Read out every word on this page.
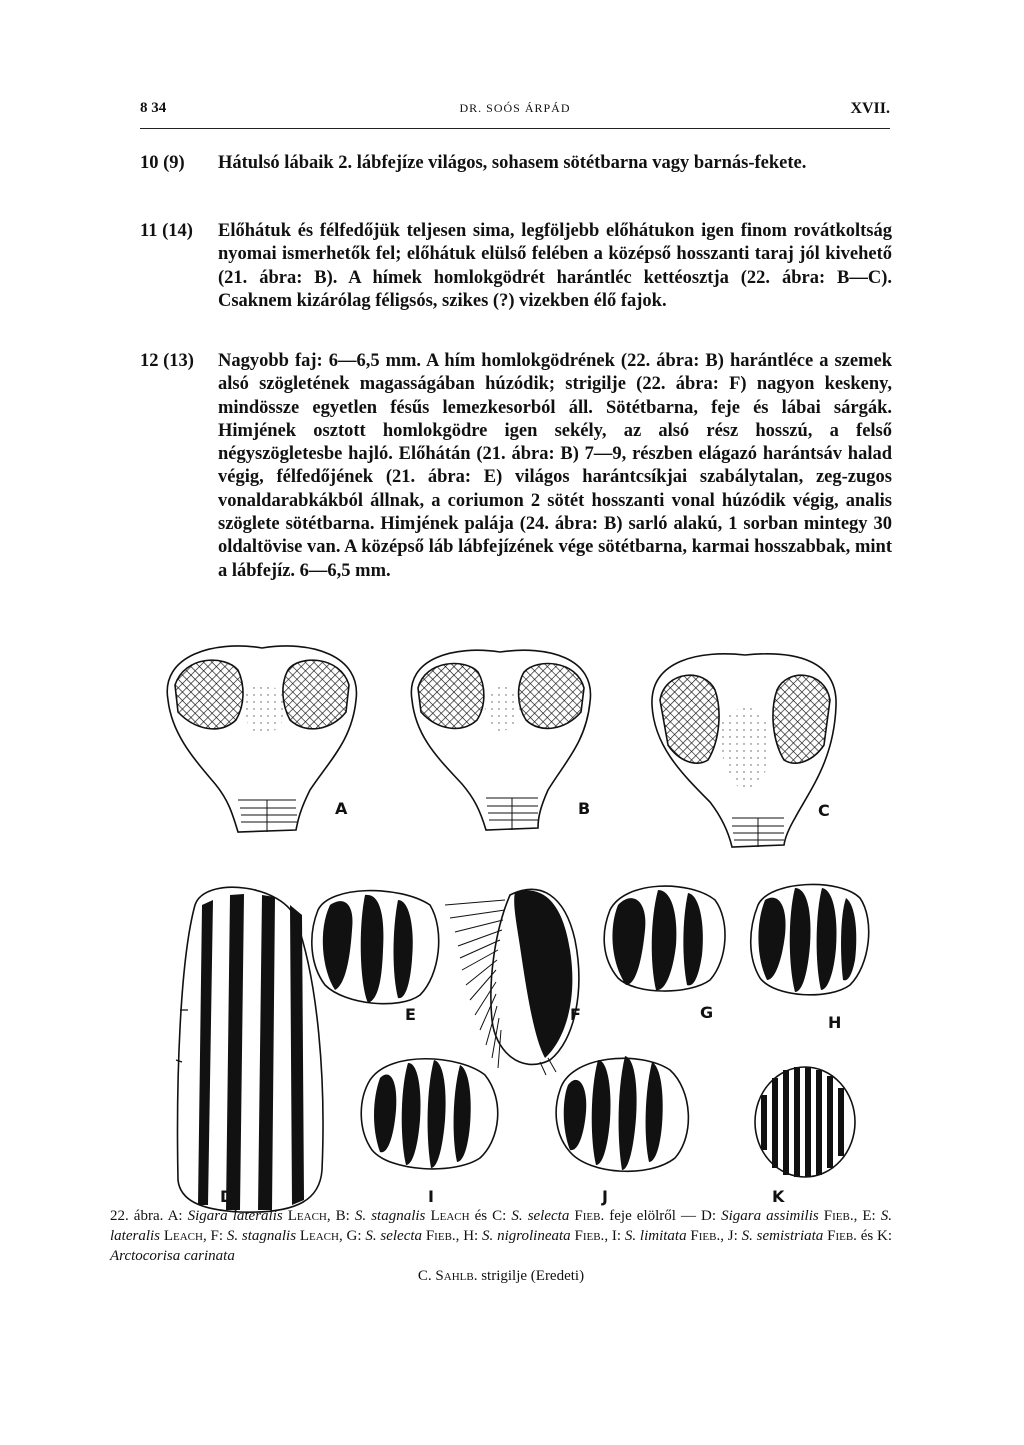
8 34	DR. SOÓS ÁRPÁD	XVII.
10 (9) Hátulsó lábaik 2. lábfejíze világos, sohasem sötétbarna vagy barnás-fekete.
11 (14) Előhátuk és félfedőjük teljesen sima, legföljebb előhátukon igen finom rovátkoltság nyomai ismerhetők fel; előhátuk elülső felében a középső hosszanti taraj jól kivehető (21. ábra: B). A hímek homlokgödrét harántléc kettéosztja (22. ábra: B—C). Csaknem kizárólag féligsós, szikes (?) vizekben élő fajok.
12 (13) Nagyobb faj: 6—6,5 mm. A hím homlokgödrének (22. ábra: B) harántléce a szemek alsó szögletének magasságában húzódik; strigilje (22. ábra: F) nagyon keskeny, mindössze egyetlen fésűs lemezkesorból áll. Sötétbarna, feje és lábai sárgák. Himjének osztott homlokgödre igen sekély, az alsó rész hosszú, a felső négyszögletesbe hajló. Előhátán (21. ábra: B) 7—9, részben elágazó harántsáv halad végig, félfedőjének (21. ábra: E) világos harántcsíkjai szabálytalan, zeg-zugos vonaldarabkákból állnak, a coriumon 2 sötét hosszanti vonal húzódik végig, analis szöglete sötétbarna. Himjének palája (24. ábra: B) sarló alakú, 1 sorban mintegy 30 oldaltövise van. A középső láb lábfejízének vége sötétbarna, karmai hosszabbak, mint a lábfejíz. 6—6,5 mm.
A	B	C
D
E	F	G
H
I	J	K
22. ábra. A: Sigara lateralis Leach, B: S. stagnalis Leach és C: S. selecta Fieb. feje elölről — D: Sigara assimilis Fieb., E: S. lateralis Leach, F: S. stagnalis Leach, G: S. selecta Fieb., H: S. nigrolineata Fieb., I: S. limitata Fieb., J: S. semistriata Fieb. és K: Arctocorisa carinata
C. Sahlb. strigilje (Eredeti)
